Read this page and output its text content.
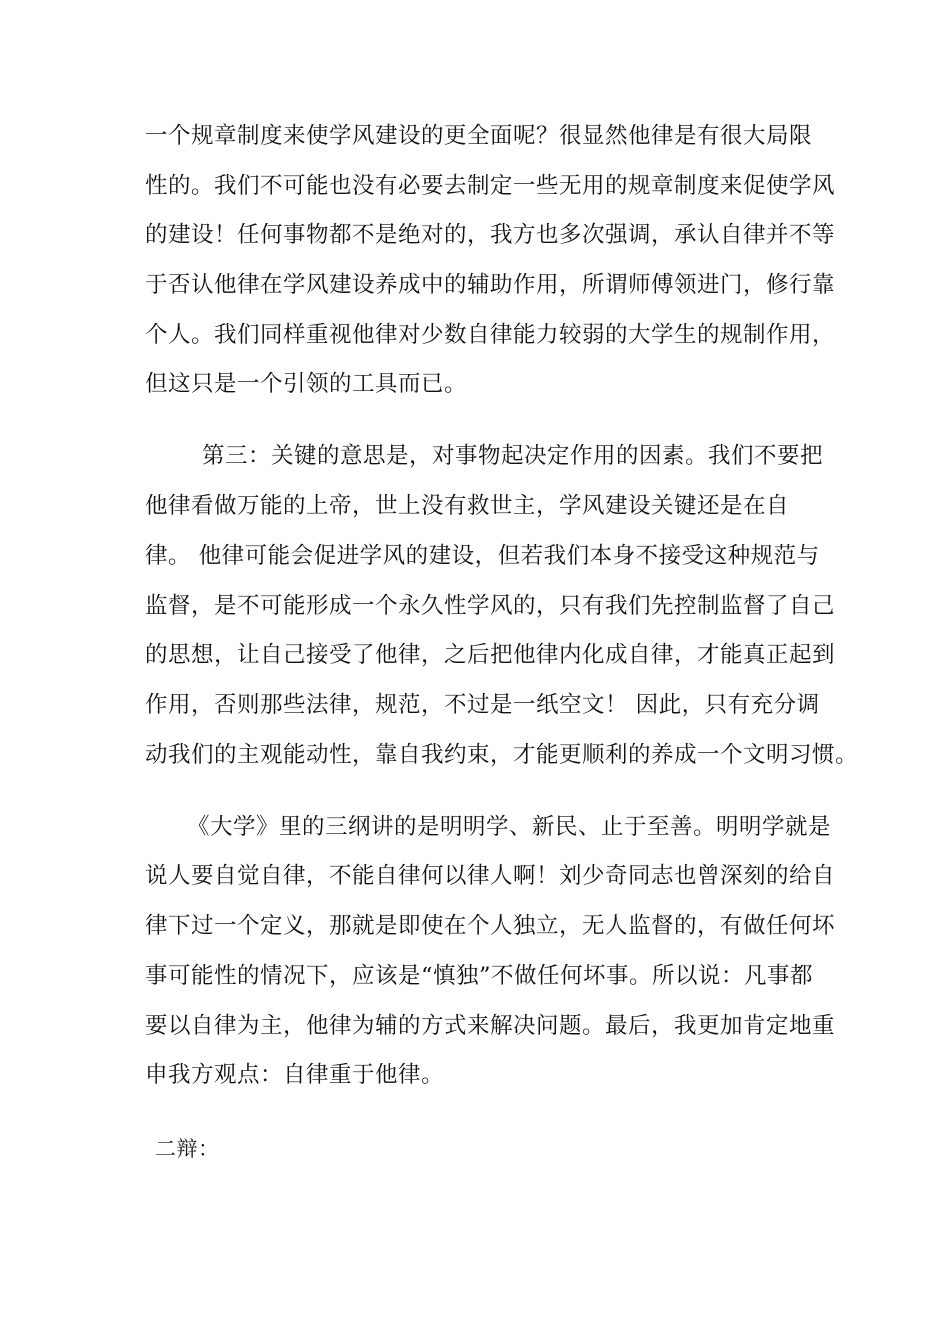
一个规章制度来使学风建设的更全面呢？很显然他律是有很大局限
性的。我们不可能也没有必要去制定一些无用的规章制度来促使学风
的建设！任何事物都不是绝对的，我方也多次强调，承认自律并不等
于否认他律在学风建设养成中的辅助作用，所谓师傅领进门，修行靠
个人。我们同样重视他律对少数自律能力较弱的大学生的规制作用，
但这只是一个引领的工具而已。
第三：关键的意思是，对事物起决定作用的因素。我们不要把
他律看做万能的上帝，世上没有救世主，学风建设关键还是在自
律。 他律可能会促进学风的建设，但若我们本身不接受这种规范与
监督，是不可能形成一个永久性学风的，只有我们先控制监督了自己
的思想，让自己接受了他律，之后把他律内化成自律，才能真正起到
作用，否则那些法律，规范，不过是一纸空文！ 因此，只有充分调
动我们的主观能动性，靠自我约束，才能更顺利的养成一个文明习惯。
《大学》里的三纲讲的是明明学、新民、止于至善。明明学就是
说人要自觉自律，不能自律何以律人啊！刘少奇同志也曾深刻的给自
律下过一个定义，那就是即使在个人独立，无人监督的，有做任何坏
事可能性的情况下，应该是“慎独”不做任何坏事。所以说：凡事都
要以自律为主，他律为辅的方式来解决问题。最后，我更加肯定地重
申我方观点：自律重于他律。
二辩：
